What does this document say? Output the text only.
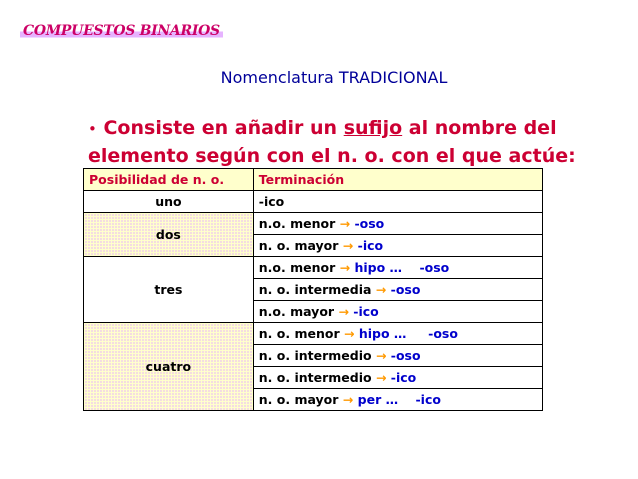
COMPUESTOS BINARIOS
Nomenclatura TRADICIONAL
• Consiste en añadir un sufijo al nombre del elemento según con el n. o. con el que actúe:
Posibilidad de n. o.	Terminación
uno	-ico
dos	n.o. menor → -oso
	n. o. mayor → -ico
tres	n.o. menor → hipo …    -oso
	n. o. intermedia → -oso
	n.o. mayor → -ico
cuatro	n. o. menor → hipo …     -oso
	n. o. intermedio → -oso
	n. o. intermedio → -ico
	n. o. mayor → per …    -ico
